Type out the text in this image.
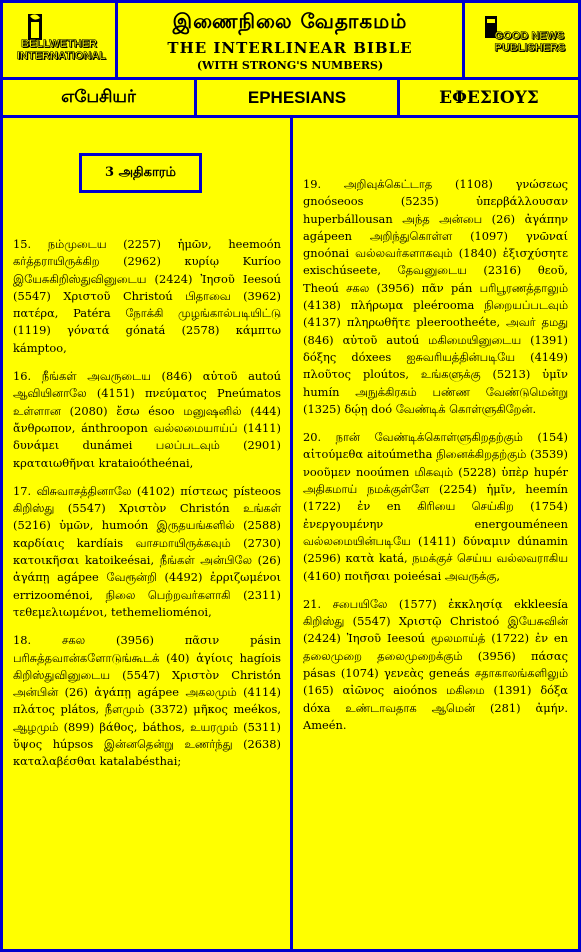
BELLWETHER INTERNATIONAL
இணைநிலை வேதாகமம்
THE INTERLINEAR BIBLE
(WITH STRONG'S NUMBERS)
GOOD NEWS PUBLISHERS
எபேசியர்	EPHESIANS	ΕΦΕΣΙΟΥΣ
3 அதிகாரம்

15. நம்முடைய (2257) ἡμῶν, heemoón கர்த்தராயிருக்கிற (2962) κυρίῳ Kuríoo இயேசுகிறிஸ்துவினுடைய (2424) Ἰησοῦ Ieesoú (5547) Χριστοῦ Christoú பிதாவை (3962) πατέρα, Patéra நோக்கி முழங்கால்படியிட்டு (1119) γόνατά gónatá (2578) κάμπτω kámptoo,

16. நீங்கள் அவருடைய (846) αὐτοῦ autoú ஆவியினாலே (4151) πνεύματος Pneúmatos உள்ளான (2080) ἔσω ésoo மனுஷனில் (444) ἄνθρωπον, ánthroopon வல்லமையாய்ப் (1411) δυνάμει dunámei பலப்படவும் (2901) κραταιωθῆναι krataioótheénai,

17. விசுவாசத்தினாலே (4102) πίστεως písteoos கிறிஸ்து (5547) Χριστὸν Christón உங்கள் (5216) ὑμῶν, humoón இருதயங்களில் (2588) καρδίαις kardíais வாசமாயிருக்கவும் (2730) κατοικῆσαι katoikeésai, நீங்கள் அன்பிலே (26) ἀγάπῃ agápee வேரூன்றி (4492) ἐρριζωμένοι errizooménoi, நிலை பெற்றவர்களாகி (2311) τεθεμελιωμένοι, tethemelioménoi,

18. சகல (3956) πᾶσιν pásin பரிசுத்தவான்களோடுங்கூடக் (40) ἁγίοις hagíois கிறிஸ்துவினுடைய (5547) Χριστὸν Christón அன்பின் (26) ἀγάπῃ agápee அகலமும் (4114) πλάτος plátos, நீளமும் (3372) μῆκος meékos, ஆழமும் (899) βάθος, báthos, உயரமும் (5311) ὕψος húpsos இன்னதென்று உணர்ந்து (2638) καταλαβέσθαι katalabésthai;

19. அறிவுக்கெட்டாத (1108) γνώσεως gnoóseoos (5235) ὑπερβάλλουσαν huperbállousan அந்த அன்பை (26) ἀγάπην agápeen அறிந்துகொள்ள (1097) γνῶναί gnoónai வல்லவர்களாகவும் (1840) ἐξισχύσητε exischúseete, தேவனுடைய (2316) θεοῦ, Theoú சகல (3956) πᾶν pán பரிபூரணத்தாலும் (4138) πλήρωμα pleérooma நிறையப்படவும் (4137) πληρωθῆτε pleerootheéte, அவர் தமது (846) αὐτοῦ autoú மகிமையினுடைய (1391) δόξης dóxees ஐசுவரியத்தின்படியே (4149) πλοῦτος ploútos, உங்களுக்கு (5213) ὑμῖν humín அநுக்கிரகம் பண்ண வேண்டுமென்று (1325) δῴῃ doó வேண்டிக் கொள்ளுகிறேன்.

20. நான் வேண்டிக்கொள்ளுகிறதற்கும் (154) αἰτούμεθα aitoúmetha நினைக்கிறதற்கும் (3539) νοοῦμεν nooúmen மிகவும் (5228) ὑπὲρ hupér அதிகமாய் நமக்குள்ளே (2254) ἡμῖν, heemín (1722) ἐν en கிரியை செய்கிற (1754) ἐνεργουμένην energouméneen வல்லமையின்படியே (1411) δύναμιν dúnamin (2596) κατὰ katá, நமக்குச் செய்ய வல்லவராகிய (4160) ποιῆσαι poieésai அவருக்கு,

21. சபையிலே (1577) ἐκκλησίᾳ ekkleesía கிறிஸ்து (5547) Χριστῷ Christoó இயேசுவின் (2424) Ἰησοῦ Ieesoú மூலமாய்த் (1722) ἐν en தலைமுறை தலைமுறைக்கும் (3956) πάσας pásas (1074) γενεὰς geneás சதாகாலங்களிலும் (165) αἰῶνος aioónos மகிமை (1391) δόξα dóxa உண்டாவதாக ஆமென் (281) ἀμήν. Ameén.
